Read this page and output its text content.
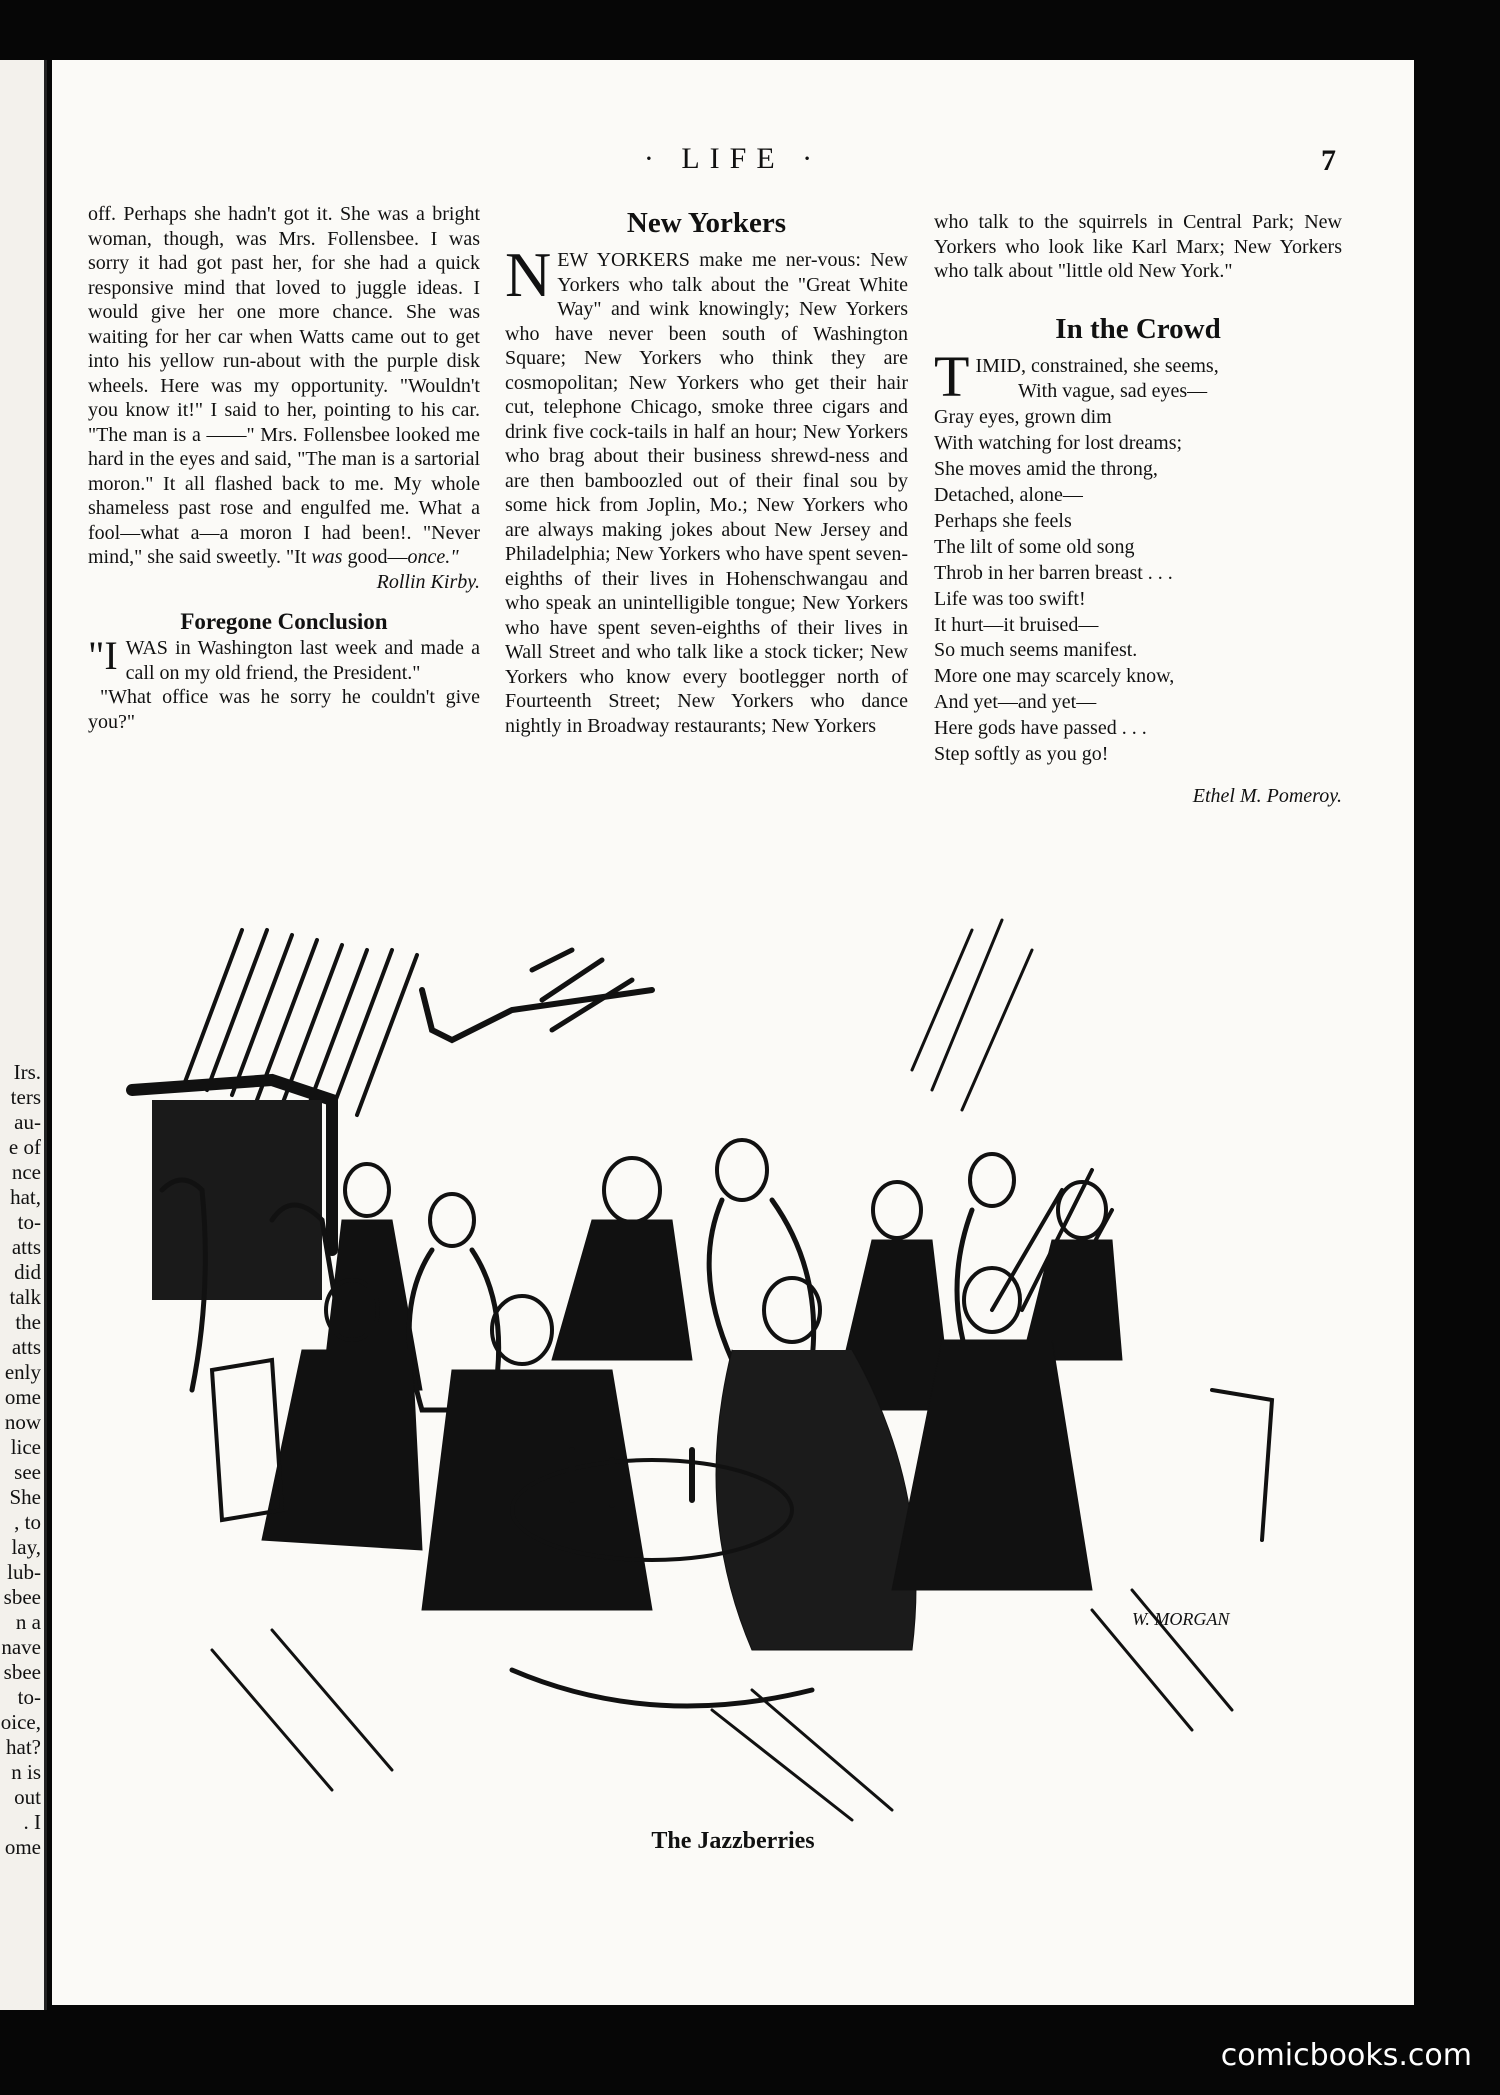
Irs.
ters
au-
e of
nce
hat,
to-
atts
did
talk
the
atts
enly
ome
now
lice
see
She
, to
lay,
lub-
sbee
n a
nave
sbee
to-
oice,
hat?
n is
out
. I
ome
· LIFE ·	7

off. Perhaps she hadn't got it. She was a bright woman, though, was Mrs. Follensbee. I was sorry it had got past her, for she had a quick responsive mind that loved to juggle ideas. I would give her one more chance. She was waiting for her car when Watts came out to get into his yellow run-about with the purple disk wheels. Here was my opportunity. "Wouldn't you know it!" I said to her, pointing to his car. "The man is a ——" Mrs. Follensbee looked me hard in the eyes and said, "The man is a sartorial moron." It all flashed back to me. My whole shameless past rose and engulfed me. What a fool—what a—a moron I had been!. "Never mind," she said sweetly. "It was good—once."

Rollin Kirby.

Foregone Conclusion

"IWAS in Washington last week and made a call on my old friend, the President."

"What office was he sorry he couldn't give you?"

New Yorkers

NEW YORKERS make me ner-vous: New Yorkers who talk about the "Great White Way" and wink knowingly; New Yorkers who have never been south of Washington Square; New Yorkers who think they are cosmopolitan; New Yorkers who get their hair cut, telephone Chicago, smoke three cigars and drink five cock-tails in half an hour; New Yorkers who brag about their business shrewd-ness and are then bamboozled out of their final sou by some hick from Joplin, Mo.; New Yorkers who are always making jokes about New Jersey and Philadelphia; New Yorkers who have spent seven-eighths of their lives in Hohenschwangau and who speak an unintelligible tongue; New Yorkers who have spent seven-eighths of their lives in Wall Street and who talk like a stock ticker; New Yorkers who know every bootlegger north of Fourteenth Street; New Yorkers who dance nightly in Broadway restaurants; New Yorkers

who talk to the squirrels in Central Park; New Yorkers who look like Karl Marx; New Yorkers who talk about "little old New York."

In the Crowd
T IMID, constrained, she seems,
With vague, sad eyes—
Gray eyes, grown dim
With watching for lost dreams;
She moves amid the throng,
Detached, alone—
Perhaps she feels
The lilt of some old song
Throb in her barren breast . . .
Life was too swift!
It hurt—it bruised—
So much seems manifest.
More one may scarcely know,
And yet—and yet—
Here gods have passed . . .
Step softly as you go!

Ethel M. Pomeroy.

W. MORGAN
The Jazzberries
comicbooks.com
